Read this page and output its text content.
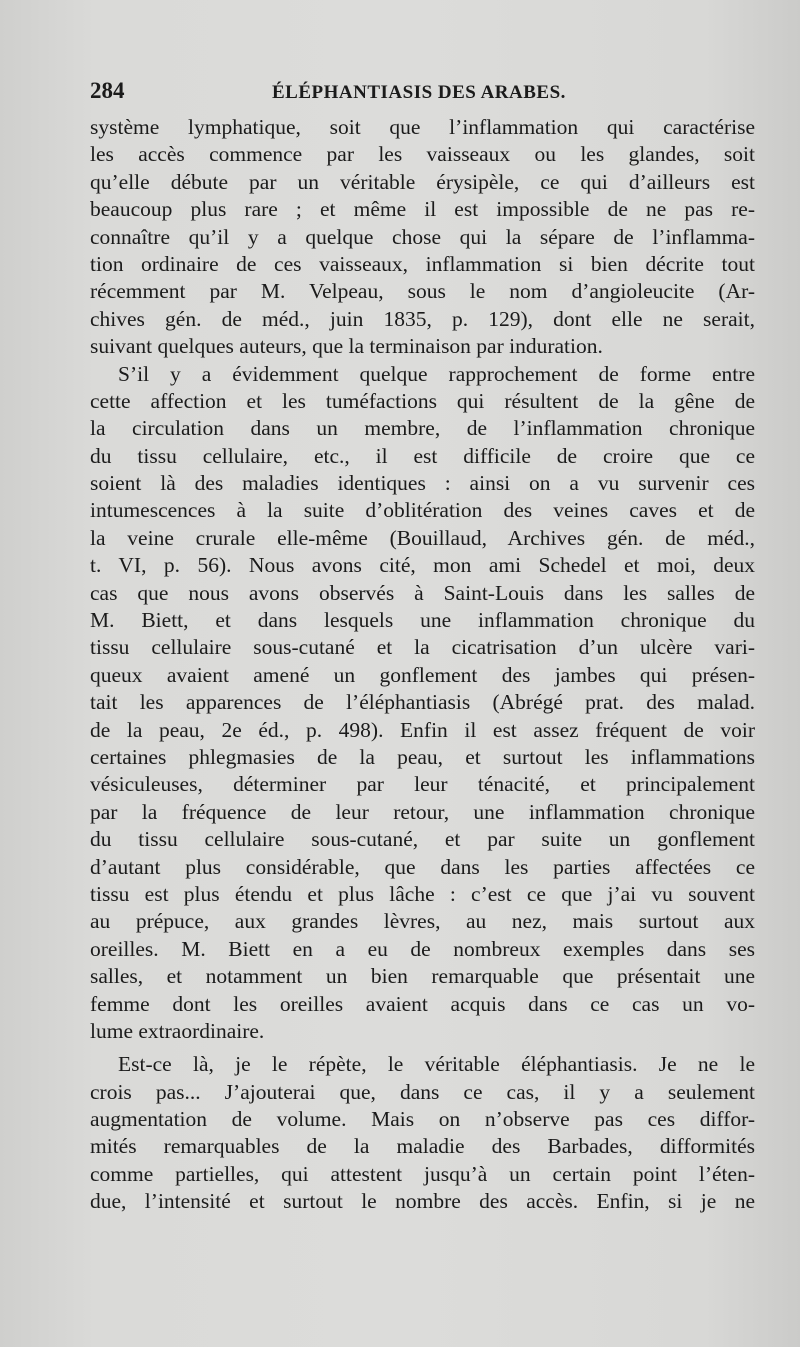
284	ÉLÉPHANTIASIS DES ARABES.
système lymphatique, soit que l’inflammation qui caractérise
les accès commence par les vaisseaux ou les glandes, soit
qu’elle débute par un véritable érysipèle, ce qui d’ailleurs est
beaucoup plus rare ; et même il est impossible de ne pas re-
connaître qu’il y a quelque chose qui la sépare de l’inflamma-
tion ordinaire de ces vaisseaux, inflammation si bien décrite tout
récemment par M. Velpeau, sous le nom d’angioleucite (Ar-
chives gén. de méd., juin 1835, p. 129), dont elle ne serait,
suivant quelques auteurs, que la terminaison par induration.
S’il y a évidemment quelque rapprochement de forme entre
cette affection et les tuméfactions qui résultent de la gêne de
la circulation dans un membre, de l’inflammation chronique
du tissu cellulaire, etc., il est difficile de croire que ce
soient là des maladies identiques : ainsi on a vu survenir ces
intumescences à la suite d’oblitération des veines caves et de
la veine crurale elle-même (Bouillaud, Archives gén. de méd.,
t. VI, p. 56). Nous avons cité, mon ami Schedel et moi, deux
cas que nous avons observés à Saint-Louis dans les salles de
M. Biett, et dans lesquels une inflammation chronique du
tissu cellulaire sous-cutané et la cicatrisation d’un ulcère vari-
queux avaient amené un gonflement des jambes qui présen-
tait les apparences de l’éléphantiasis (Abrégé prat. des malad.
de la peau, 2e éd., p. 498). Enfin il est assez fréquent de voir
certaines phlegmasies de la peau, et surtout les inflammations
vésiculeuses, déterminer par leur ténacité, et principalement
par la fréquence de leur retour, une inflammation chronique
du tissu cellulaire sous-cutané, et par suite un gonflement
d’autant plus considérable, que dans les parties affectées ce
tissu est plus étendu et plus lâche : c’est ce que j’ai vu souvent
au prépuce, aux grandes lèvres, au nez, mais surtout aux
oreilles. M. Biett en a eu de nombreux exemples dans ses
salles, et notamment un bien remarquable que présentait une
femme dont les oreilles avaient acquis dans ce cas un vo-
lume extraordinaire.
Est-ce là, je le répète, le véritable éléphantiasis. Je ne le
crois pas... J’ajouterai que, dans ce cas, il y a seulement
augmentation de volume. Mais on n’observe pas ces diffor-
mités remarquables de la maladie des Barbades, difformités
comme partielles, qui attestent jusqu’à un certain point l’éten-
due, l’intensité et surtout le nombre des accès. Enfin, si je ne
